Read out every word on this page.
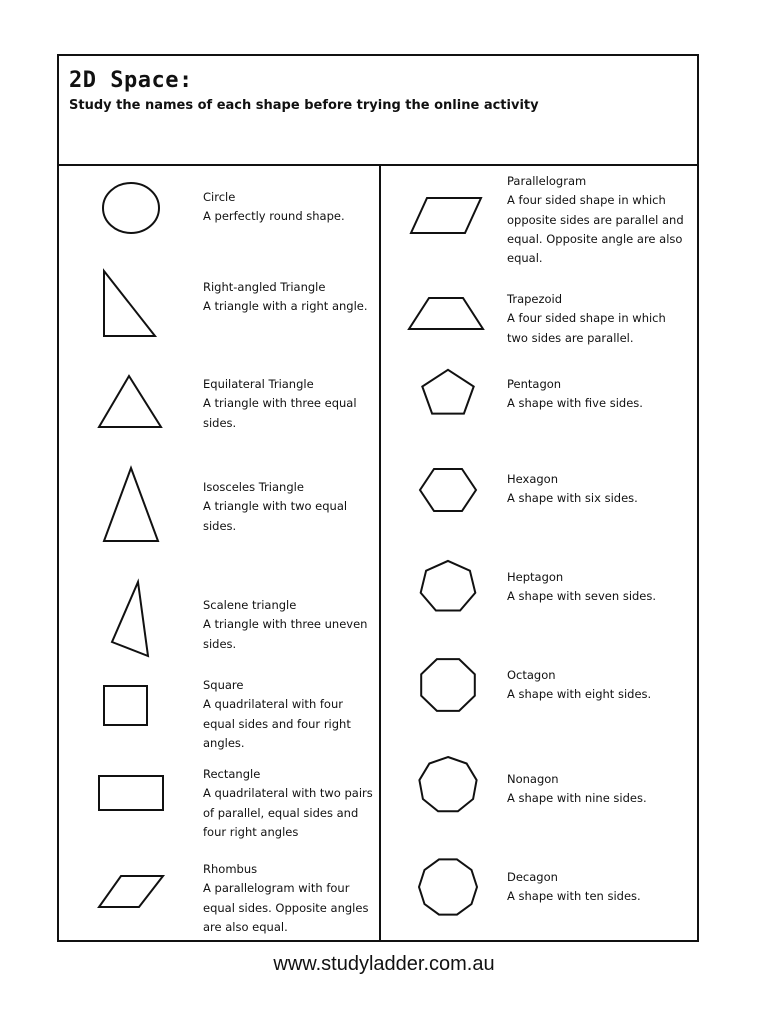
2D Space:
Study the names of each shape before trying the online activity
Circle
A perfectly round shape.
Right-angled Triangle
A triangle with a right angle.
Equilateral Triangle
A triangle with three equal sides.
Isosceles Triangle
A triangle with two equal sides.
Scalene triangle
A triangle with three uneven sides.
Square
A quadrilateral with four equal sides and four right angles.
Rectangle
A quadrilateral with two pairs of parallel, equal sides and four right angles
Rhombus
A parallelogram with four equal sides. Opposite angles are also equal.
Parallelogram
A four sided shape in which opposite sides are parallel and equal. Opposite angle are also equal.
Trapezoid
A four sided shape in which two sides are parallel.
Pentagon
A shape with five sides.
Hexagon
A shape with six sides.
Heptagon
A shape with seven sides.
Octagon
A shape with eight sides.
Nonagon
A shape with nine sides.
Decagon
A shape with ten sides.
www.studyladder.com.au
